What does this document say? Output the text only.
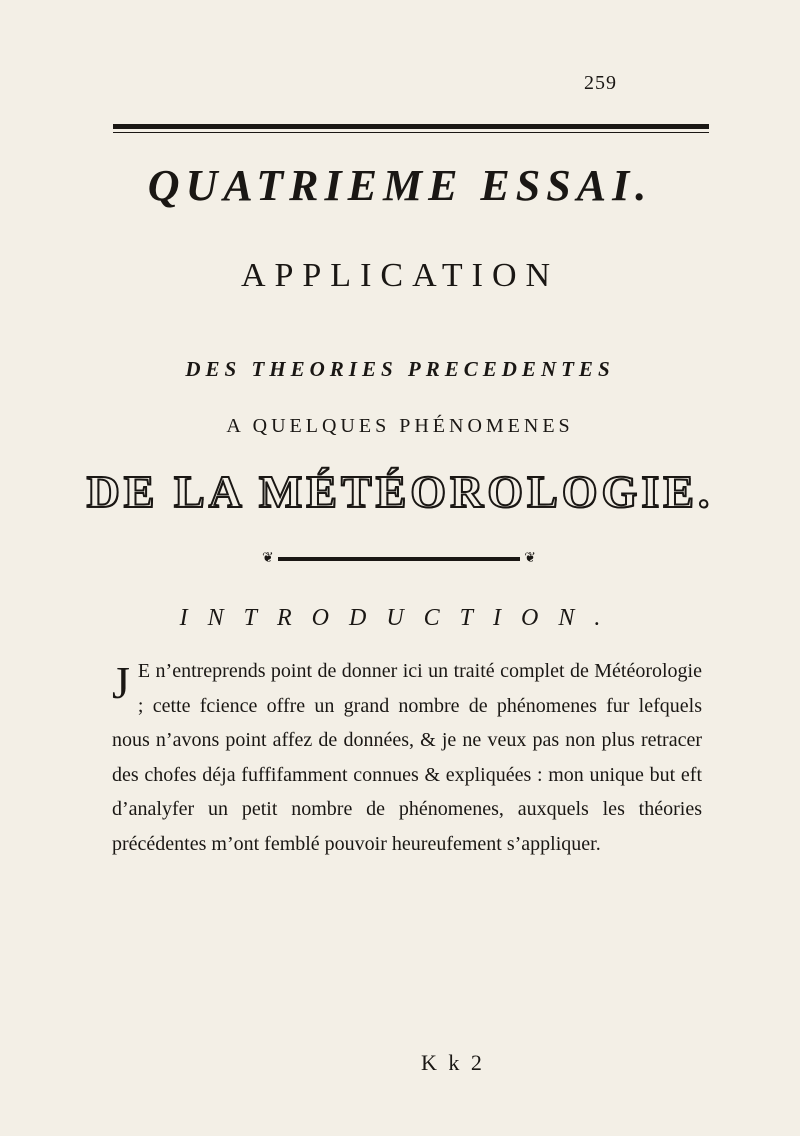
259
QUATRIEME ESSAI.
APPLICATION
DES THEORIES PRECEDENTES
A QUELQUES PHÉNOMENES
DE LA MÉTÉOROLOGIE.
❦	❦
INTRODUCTION.
J E n’entreprends point de donner ici un traité complet de Météorologie ; cette fcience offre un grand nombre de phénomenes fur lefquels nous n’avons point affez de données, & je ne veux pas non plus retracer des chofes déja fuffifamment connues & expliquées : mon unique but eft d’analyfer un petit nombre de phénomenes, auxquels les théories précédentes m’ont femblé pouvoir heureufement s’appliquer.
K k 2
